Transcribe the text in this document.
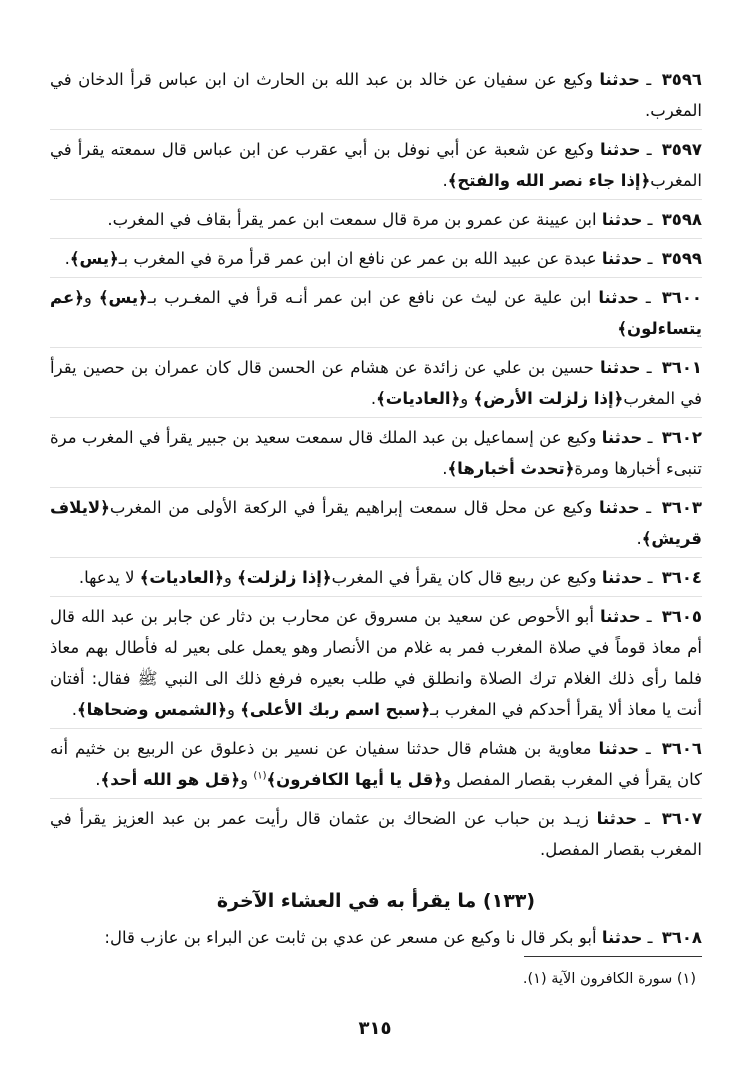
٣٥٩٦ ـ حدثنا وكيع عن سفيان عن خالد بن عبد الله بن الحارث ان ابن عباس قرأ الدخان في المغرب.

٣٥٩٧ ـ حدثنا وكيع عن شعبة عن أبي نوفل بن أبي عقرب عن ابن عباس قال سمعته يقرأ في المغرب﴿إذا جاء نصر الله والفتح﴾.

٣٥٩٨ ـ حدثنا ابن عيينة عن عمرو بن مرة قال سمعت ابن عمر يقرأ بقاف في المغرب.

٣٥٩٩ ـ حدثنا عبدة عن عبيد الله بن عمر عن نافع ان ابن عمر قرأ مرة في المغرب بـ﴿يس﴾.

٣٦٠٠ ـ حدثنا ابن علية عن ليث عن نافع عن ابن عمر أنـه قرأ في المغـرب بـ﴿يس﴾ و﴿عم يتساءلون﴾

٣٦٠١ ـ حدثنا حسين بن علي عن زائدة عن هشام عن الحسن قال كان عمران بن حصين يقرأ في المغرب﴿إذا زلزلت الأرض﴾ و﴿العاديات﴾.

٣٦٠٢ ـ حدثنا وكيع عن إسماعيل بن عبد الملك قال سمعت سعيد بن جبير يقرأ في المغرب مرة تنبىء أخبارها ومرة﴿تحدث أخبارها﴾.

٣٦٠٣ ـ حدثنا وكيع عن محل قال سمعت إبراهيم يقرأ في الركعة الأولى من المغرب﴿لايلاف قريش﴾.

٣٦٠٤ ـ حدثنا وكيع عن ربيع قال كان يقرأ في المغرب﴿إذا زلزلت﴾ و﴿العاديات﴾ لا يدعها.

٣٦٠٥ ـ حدثنا أبو الأحوص عن سعيد بن مسروق عن محارب بن دثار عن جابر بن عبد الله قال أم معاذ قوماً في صلاة المغرب فمر به غلام من الأنصار وهو يعمل على بعير له فأطال بهم معاذ فلما رأى ذلك الغلام ترك الصلاة وانطلق في طلب بعيره فرفع ذلك الى النبي ﷺ فقال: أفتان أنت يا معاذ ألا يقرأ أحدكم في المغرب بـ﴿سبح اسم ربك الأعلى﴾ و﴿الشمس وضحاها﴾.

٣٦٠٦ ـ حدثنا معاوية بن هشام قال حدثنا سفيان عن نسير بن ذعلوق عن الربيع بن خثيم أنه كان يقرأ في المغرب بقصار المفصل و﴿قل يا أيها الكافرون﴾$^{(١)}$ و﴿قل هو الله أحد﴾.

٣٦٠٧ ـ حدثنا زيـد بن حباب عن الضحاك بن عثمان قال رأيت عمر بن عبد العزيز يقرأ في المغرب بقصار المفصل.

(١٣٣) ما يقرأ به في العشاء الآخرة

٣٦٠٨ ـ حدثنا أبو بكر قال نا وكيع عن مسعر عن عدي بن ثابت عن البراء بن عازب قال:

(١) سورة الكافرون الآية (١).
٣١٥
